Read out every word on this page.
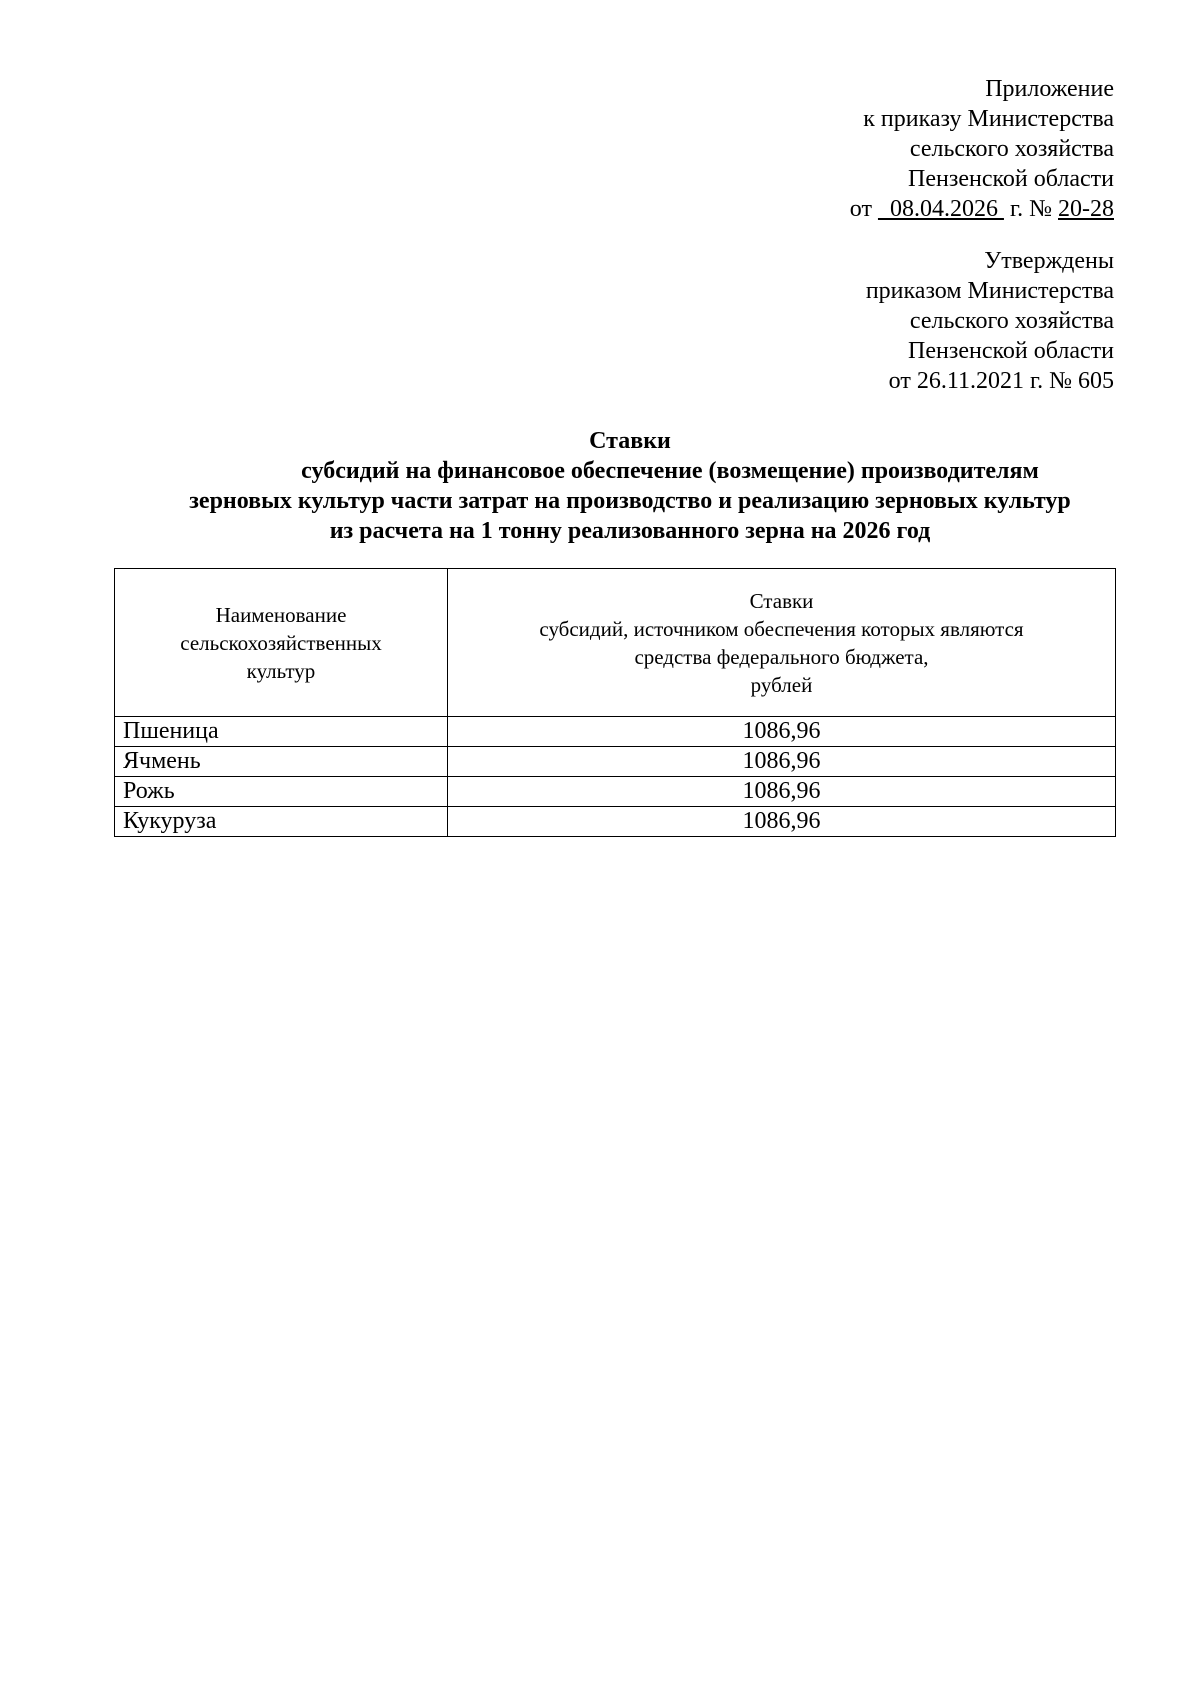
Приложение
к приказу Министерства
сельского хозяйства
Пензенской области
от   08.04.2026  г. № 20-28
Утверждены
приказом Министерства
сельского хозяйства
Пензенской области
от 26.11.2021 г. № 605
Ставки
субсидий на финансовое обеспечение (возмещение) производителям
зерновых культур части затрат на производство и реализацию зерновых культур
из расчета на 1 тонну реализованного зерна на 2026 год
Наименование
сельскохозяйственных
культур	Ставки
субсидий, источником обеспечения которых являются
средства федерального бюджета,
рублей

Пшеница	1086,96
Ячмень	1086,96
Рожь	1086,96
Кукуруза	1086,96
